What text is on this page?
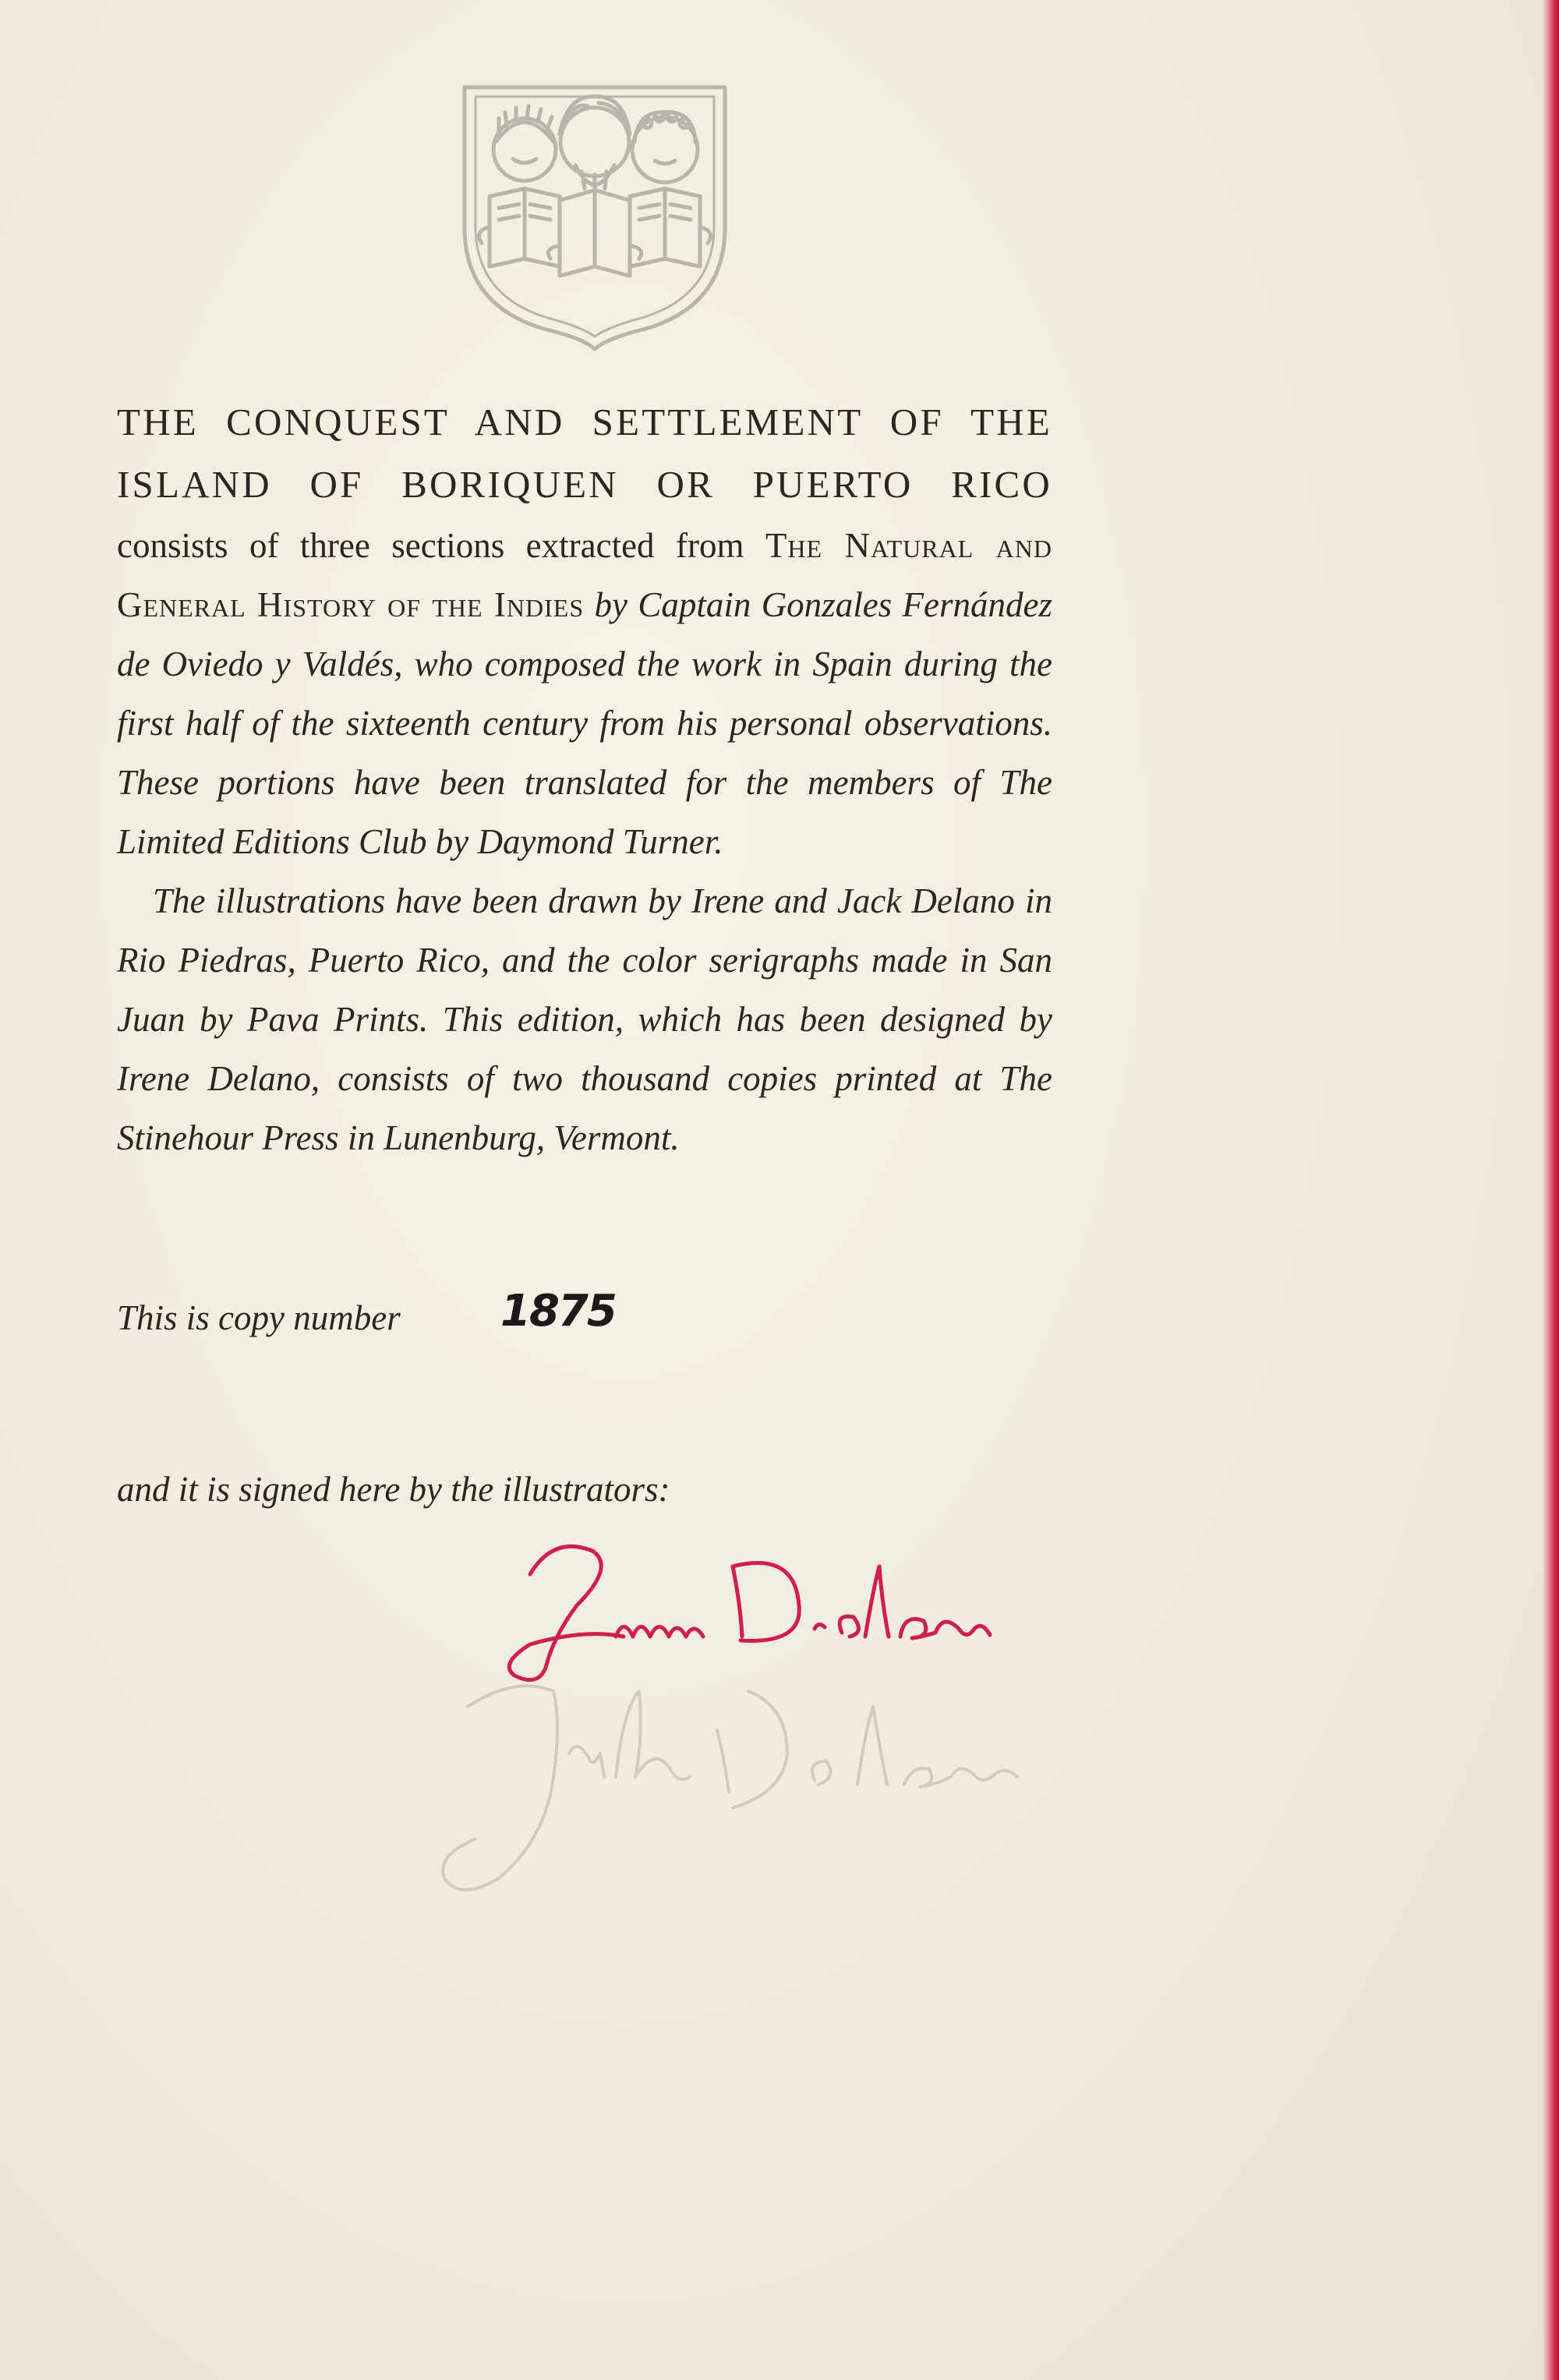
THE CONQUEST AND SETTLEMENT OF THE
ISLAND OF BORIQUEN OR PUERTO RICO

consists of three sections extracted from The Natural and General History of the Indies by Captain Gonzales Fernández de Oviedo y Valdés, who composed the work in Spain during the first half of the sixteenth century from his personal observations. These portions have been translated for the members of The Limited Editions Club by Daymond Turner.

The illustrations have been drawn by Irene and Jack Delano in Rio Piedras, Puerto Rico, and the color serigraphs made in San Juan by Pava Prints. This edition, which has been designed by Irene Delano, consists of two thousand copies printed at The Stinehour Press in Lunenburg, Vermont.

This is copy number 1875
and it is signed here by the illustrators:
